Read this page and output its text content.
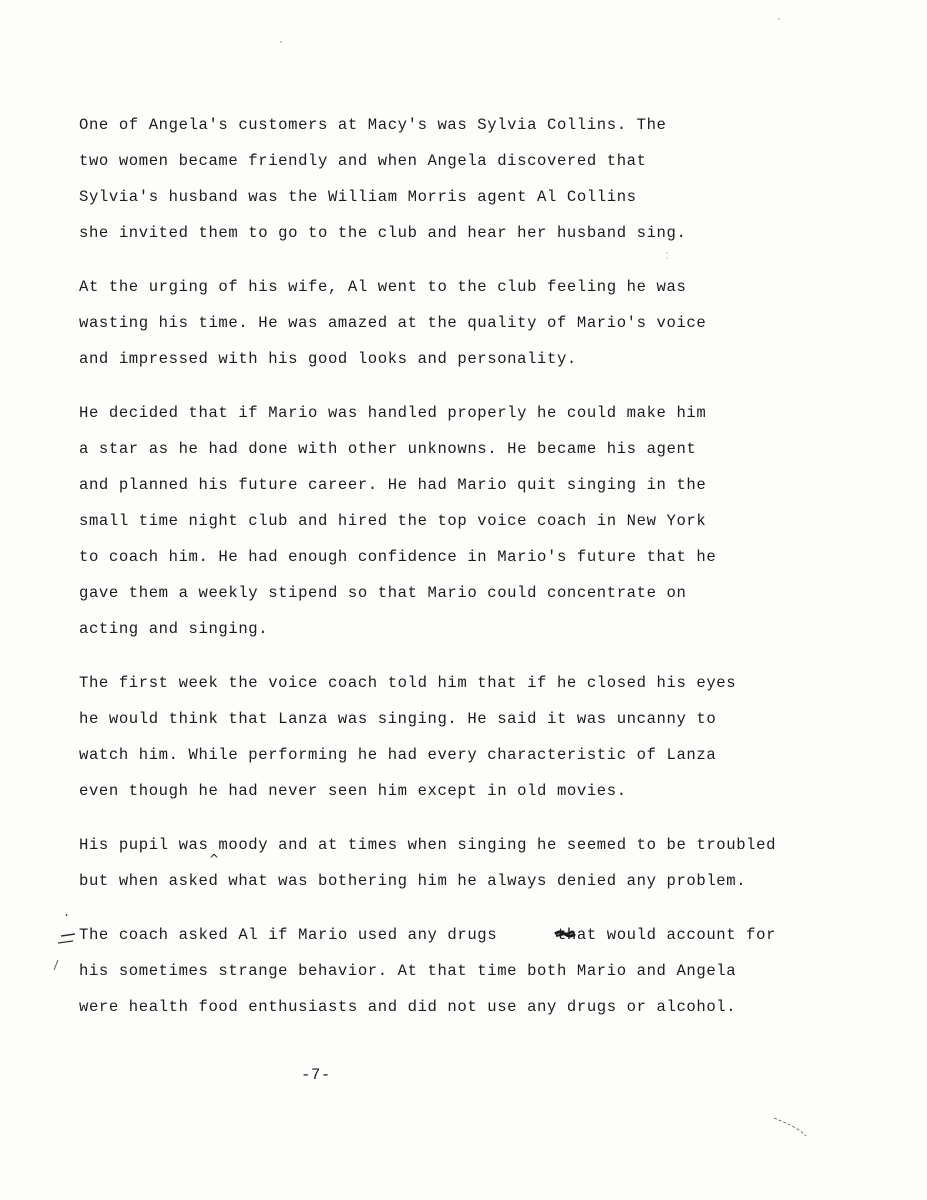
One of Angela's customers at Macy's was Sylvia Collins. The
two women became friendly and when Angela discovered that
Sylvia's husband was the William Morris agent Al Collins
she invited them to go to the club and hear her husband sing.
At the urging of his wife, Al went to the club feeling he was
wasting his time. He was amazed at the quality of Mario's voice
and impressed with his good looks and personality.
He decided that if Mario was handled properly he could make him
a star as he had done with other unknowns. He became his agent
and planned his future career. He had Mario quit singing in the
small time night club and hired the top voice coach in New York
to coach him. He had enough confidence in Mario's future that he
gave them a weekly stipend so that Mario could concentrate on
acting and singing.
The first week the voice coach told him that if he closed his eyes
he would think that Lanza was singing. He said it was uncanny to
watch him. While performing he had every characteristic of Lanza
even though he had never seen him except in old movies.
His pupil was moody and at times when singing he seemed to be troubled
but when asked what was bothering him he always denied any problem.
The coach asked Al if Mario used any drugs      that would account for
his sometimes strange behavior. At that time both Mario and Angela
were health food enthusiasts and did not use any drugs or alcohol.
^
-7-
